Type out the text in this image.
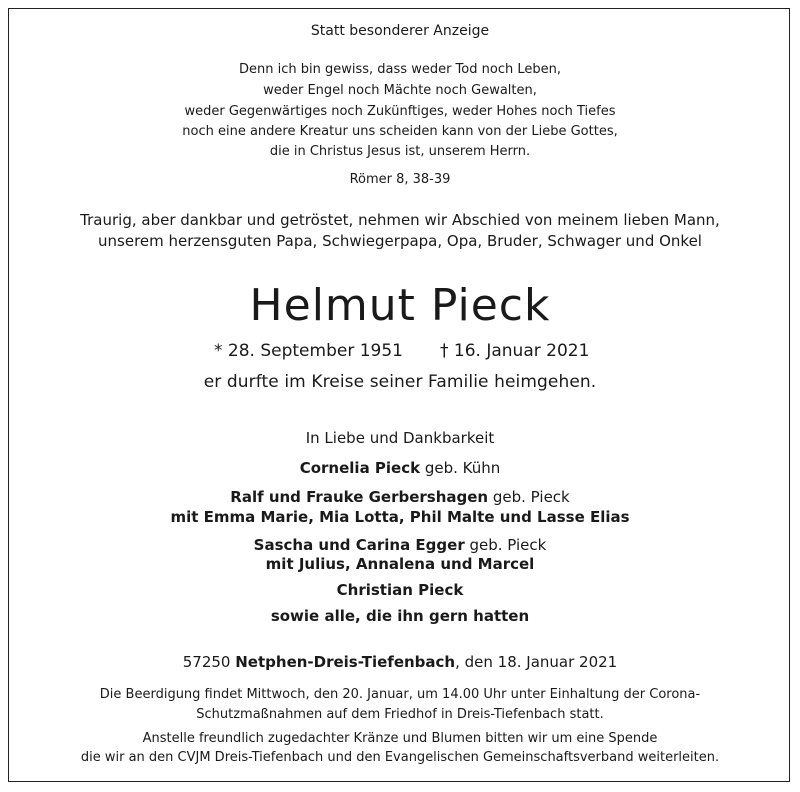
Statt besonderer Anzeige
Denn ich bin gewiss, dass weder Tod noch Leben,
weder Engel noch Mächte noch Gewalten,
weder Gegenwärtiges noch Zukünftiges, weder Hohes noch Tiefes
noch eine andere Kreatur uns scheiden kann von der Liebe Gottes,
die in Christus Jesus ist, unserem Herrn.
Römer 8, 38-39
Traurig, aber dankbar und getröstet, nehmen wir Abschied von meinem lieben Mann,
unserem herzensguten Papa, Schwiegerpapa, Opa, Bruder, Schwager und Onkel
Helmut Pieck
* 28. September 1951 † 16. Januar 2021
er durfte im Kreise seiner Familie heimgehen.
In Liebe und Dankbarkeit
Cornelia Pieck geb. Kühn
Ralf und Frauke Gerbershagen geb. Pieck
mit Emma Marie, Mia Lotta, Phil Malte und Lasse Elias
Sascha und Carina Egger geb. Pieck
mit Julius, Annalena und Marcel
Christian Pieck
sowie alle, die ihn gern hatten
57250 Netphen-Dreis-Tiefenbach, den 18. Januar 2021
Die Beerdigung findet Mittwoch, den 20. Januar, um 14.00 Uhr unter Einhaltung der Corona-
Schutzmaßnahmen auf dem Friedhof in Dreis-Tiefenbach statt.
Anstelle freundlich zugedachter Kränze und Blumen bitten wir um eine Spende
die wir an den CVJM Dreis-Tiefenbach und den Evangelischen Gemeinschaftsverband weiterleiten.
